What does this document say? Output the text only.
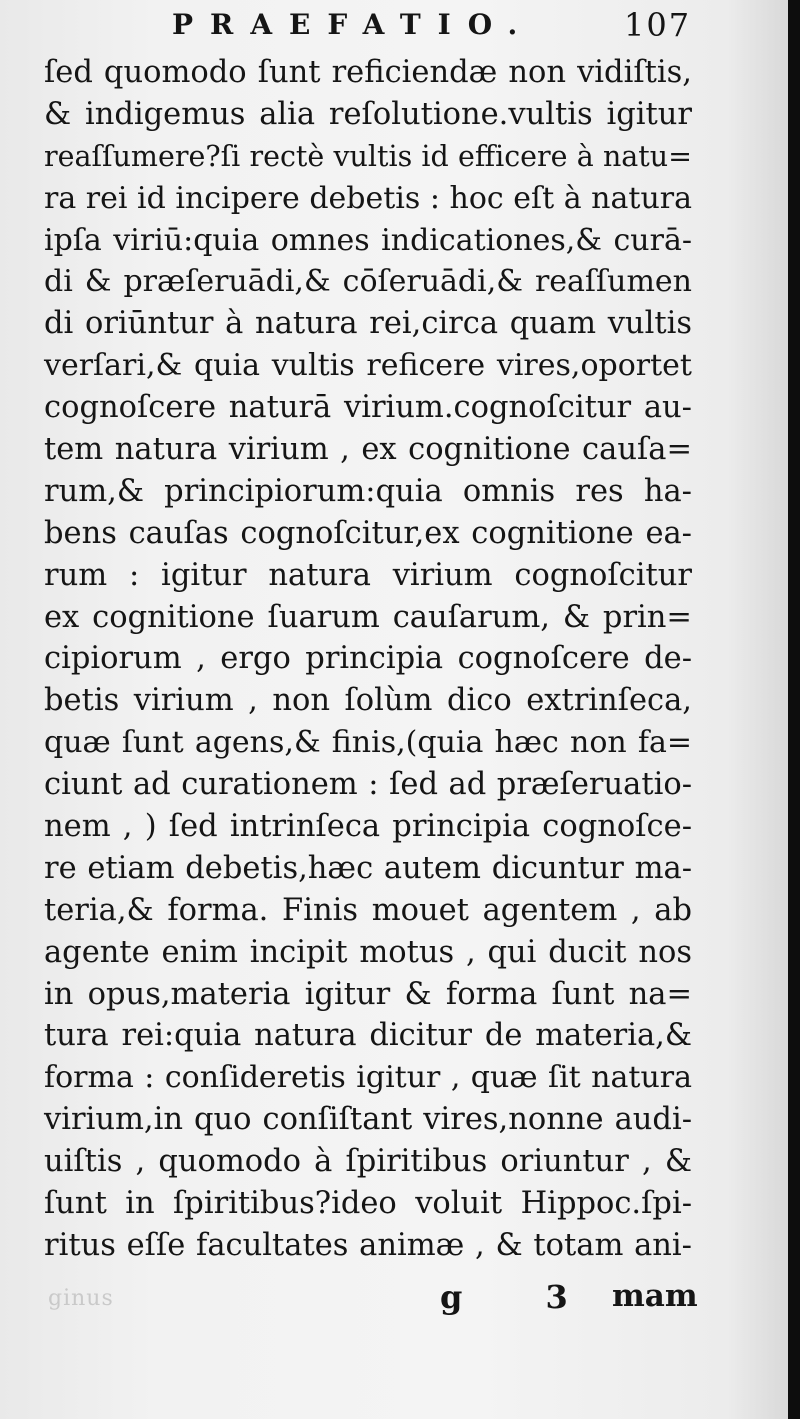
PRAEFATIO.	107
ſed quomodo ſunt reficiendæ non vidiſtis,
& indigemus alia reſolutione.vultis igitur
reaſſumere?ſi rectè vultis id efficere à natu=
ra rei id incipere debetis : hoc eſt à natura
ipſa viriū:quia omnes indicationes,& curā-
di & præſeruādi,& cōſeruādi,& reaſſumen
di oriūntur à natura rei,circa quam vultis
verſari,& quia vultis reficere vires,oportet
cognoſcere naturā virium.cognoſcitur au-
tem natura virium , ex cognitione cauſa=
rum,& principiorum:quia omnis res ha-
bens cauſas cognoſcitur,ex cognitione ea-
rum : igitur natura virium cognoſcitur
ex cognitione ſuarum cauſarum, & prin=
cipiorum , ergo principia cognoſcere de-
betis virium , non ſolùm dico extrinſeca,
quæ ſunt agens,& finis,(quia hæc non fa=
ciunt ad curationem : ſed ad præſeruatio-
nem , ) ſed intrinſeca principia cognoſce-
re etiam debetis,hæc autem dicuntur ma-
teria,& forma. Finis mouet agentem , ab
agente enim incipit motus , qui ducit nos
in opus,materia igitur & forma ſunt na=
tura rei:quia natura dicitur de materia,&
forma : conſideretis igitur , quæ ſit natura
virium,in quo conſiſtant vires,nonne audi-
uiſtis , quomodo à ſpiritibus oriuntur , &
ſunt in ſpiritibus?ideo voluit Hippoc.ſpi-
ritus eſſe facultates animæ , & totam ani-
ginus	g 3 mam
